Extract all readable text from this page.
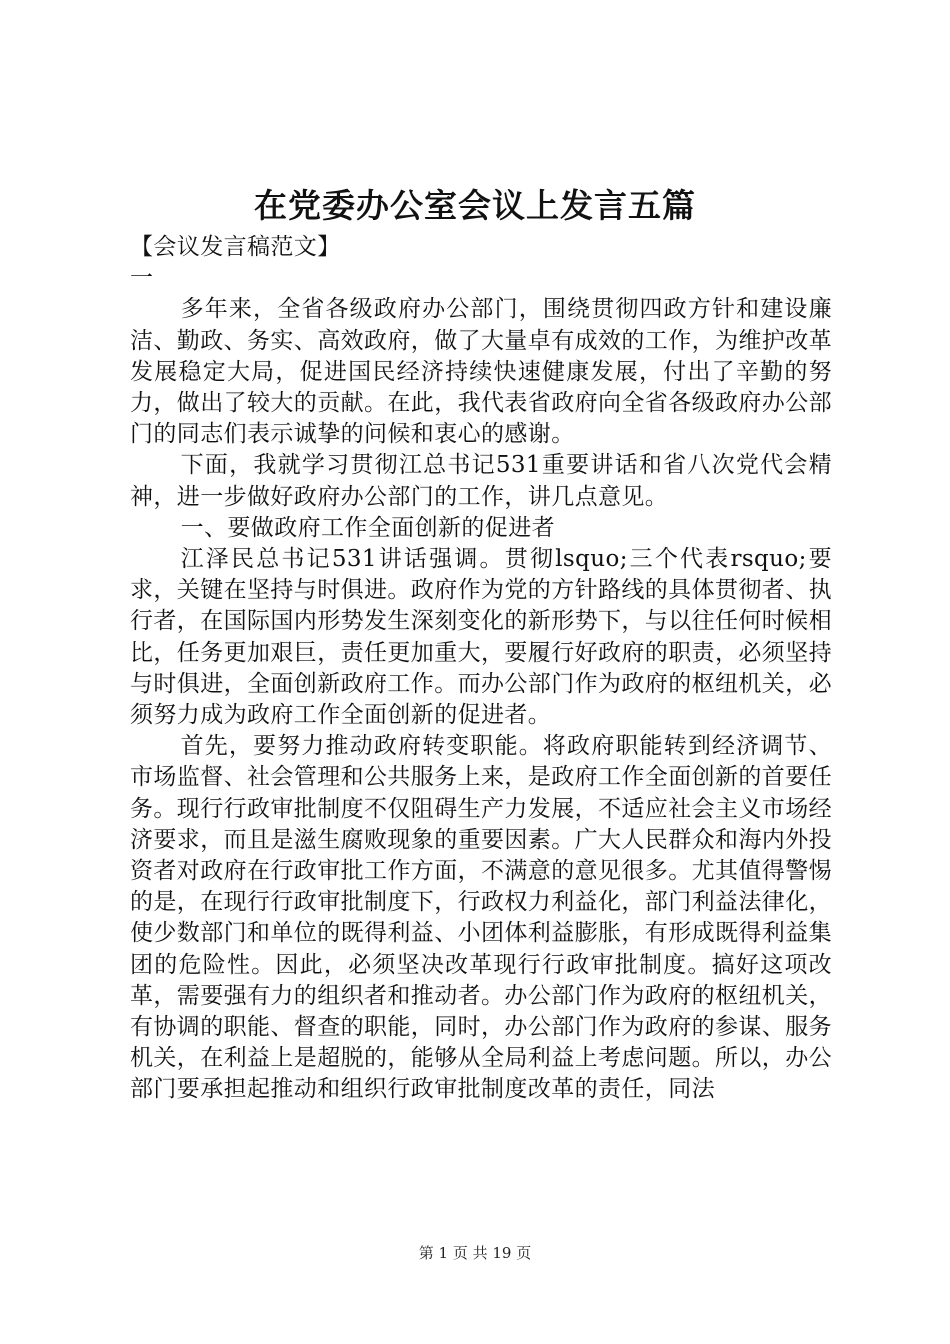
在党委办公室会议上发言五篇

【会议发言稿范文】

一

多年来，全省各级政府办公部门，围绕贯彻四政方针和建设廉洁、勤政、务实、高效政府，做了大量卓有成效的工作，为维护改革发展稳定大局，促进国民经济持续快速健康发展，付出了辛勤的努力，做出了较大的贡献。在此，我代表省政府向全省各级政府办公部门的同志们表示诚挚的问候和衷心的感谢。

下面，我就学习贯彻江总书记531重要讲话和省八次党代会精神，进一步做好政府办公部门的工作，讲几点意见。

一、要做政府工作全面创新的促进者

江泽民总书记531讲话强调。贯彻lsquo;三个代表rsquo;要求，关键在坚持与时俱进。政府作为党的方针路线的具体贯彻者、执行者，在国际国内形势发生深刻变化的新形势下，与以往任何时候相比，任务更加艰巨，责任更加重大，要履行好政府的职责，必须坚持与时俱进，全面创新政府工作。而办公部门作为政府的枢纽机关，必须努力成为政府工作全面创新的促进者。

首先，要努力推动政府转变职能。将政府职能转到经济调节、市场监督、社会管理和公共服务上来，是政府工作全面创新的首要任务。现行行政审批制度不仅阻碍生产力发展，不适应社会主义市场经济要求，而且是滋生腐败现象的重要因素。广大人民群众和海内外投资者对政府在行政审批工作方面，不满意的意见很多。尤其值得警惕的是，在现行行政审批制度下，行政权力利益化，部门利益法律化，使少数部门和单位的既得利益、小团体利益膨胀，有形成既得利益集团的危险性。因此，必须坚决改革现行行政审批制度。搞好这项改革，需要强有力的组织者和推动者。办公部门作为政府的枢纽机关，有协调的职能、督查的职能，同时，办公部门作为政府的参谋、服务机关，在利益上是超脱的，能够从全局利益上考虑问题。所以，办公部门要承担起推动和组织行政审批制度改革的责任，同法

第 1 页 共 19 页
